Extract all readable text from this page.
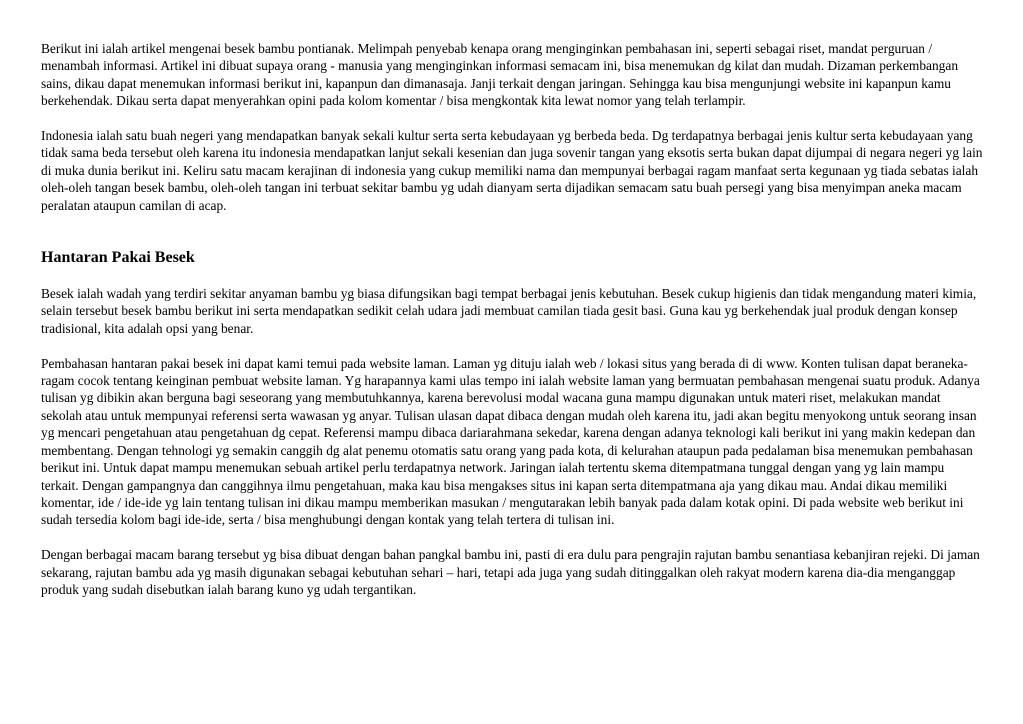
Berikut ini ialah artikel mengenai besek bambu pontianak. Melimpah penyebab kenapa orang menginginkan pembahasan ini, seperti sebagai riset, mandat perguruan / menambah informasi. Artikel ini dibuat supaya orang - manusia yang menginginkan informasi semacam ini, bisa menemukan dg kilat dan mudah. Dizaman perkembangan sains, dikau dapat menemukan informasi berikut ini, kapanpun dan dimanasaja. Janji terkait dengan jaringan. Sehingga kau bisa mengunjungi website ini kapanpun kamu berkehendak. Dikau serta dapat menyerahkan opini pada kolom komentar / bisa mengkontak kita lewat nomor yang telah terlampir.

Indonesia ialah satu buah negeri yang mendapatkan banyak sekali kultur serta serta kebudayaan yg berbeda beda. Dg terdapatnya berbagai jenis kultur serta kebudayaan yang tidak sama beda tersebut oleh karena itu indonesia mendapatkan lanjut sekali kesenian dan juga sovenir tangan yang eksotis serta bukan dapat dijumpai di negara negeri yg lain di muka dunia berikut ini. Keliru satu macam kerajinan di indonesia yang cukup memiliki nama dan mempunyai berbagai ragam manfaat serta kegunaan yg tiada sebatas ialah oleh-oleh tangan besek bambu, oleh-oleh tangan ini terbuat sekitar bambu yg udah dianyam serta dijadikan semacam satu buah persegi yang bisa menyimpan aneka macam peralatan ataupun camilan di acap.

Hantaran Pakai Besek

Besek ialah wadah yang terdiri sekitar anyaman bambu yg biasa difungsikan bagi tempat berbagai jenis kebutuhan. Besek cukup higienis dan tidak mengandung materi kimia, selain tersebut besek bambu berikut ini serta mendapatkan sedikit celah udara jadi membuat camilan tiada gesit basi. Guna kau yg berkehendak jual produk dengan konsep tradisional, kita adalah opsi yang benar.

Pembahasan hantaran pakai besek ini dapat kami temui pada website laman. Laman yg dituju ialah web / lokasi situs yang berada di di www. Konten tulisan dapat beraneka-ragam cocok tentang keinginan pembuat website laman. Yg harapannya kami ulas tempo ini ialah website laman yang bermuatan pembahasan mengenai suatu produk. Adanya tulisan yg dibikin akan berguna bagi seseorang yang membutuhkannya, karena berevolusi modal wacana guna mampu digunakan untuk materi riset, melakukan mandat sekolah atau untuk mempunyai referensi serta wawasan yg anyar. Tulisan ulasan dapat dibaca dengan mudah oleh karena itu, jadi akan begitu menyokong untuk seorang insan yg mencari pengetahuan atau pengetahuan dg cepat. Referensi mampu dibaca dariarahmana sekedar, karena dengan adanya teknologi kali berikut ini yang makin kedepan dan membentang. Dengan tehnologi yg semakin canggih dg alat penemu otomatis satu orang yang pada kota, di kelurahan ataupun pada pedalaman bisa menemukan pembahasan berikut ini. Untuk dapat mampu menemukan sebuah artikel perlu terdapatnya network. Jaringan ialah tertentu skema ditempatmana tunggal dengan yang yg lain mampu terkait. Dengan gampangnya dan canggihnya ilmu pengetahuan, maka kau bisa mengakses situs ini kapan serta ditempatmana aja yang dikau mau. Andai dikau memiliki komentar, ide / ide-ide yg lain tentang tulisan ini dikau mampu memberikan masukan / mengutarakan lebih banyak pada dalam kotak opini. Di pada website web berikut ini sudah tersedia kolom bagi ide-ide, serta / bisa menghubungi dengan kontak yang telah tertera di tulisan ini.

Dengan berbagai macam barang tersebut yg bisa dibuat dengan bahan pangkal bambu ini, pasti di era dulu para pengrajin rajutan bambu senantiasa kebanjiran rejeki. Di jaman sekarang, rajutan bambu ada yg masih digunakan sebagai kebutuhan sehari – hari, tetapi ada juga yang sudah ditinggalkan oleh rakyat modern karena dia-dia menganggap produk yang sudah disebutkan ialah barang kuno yg udah tergantikan.
